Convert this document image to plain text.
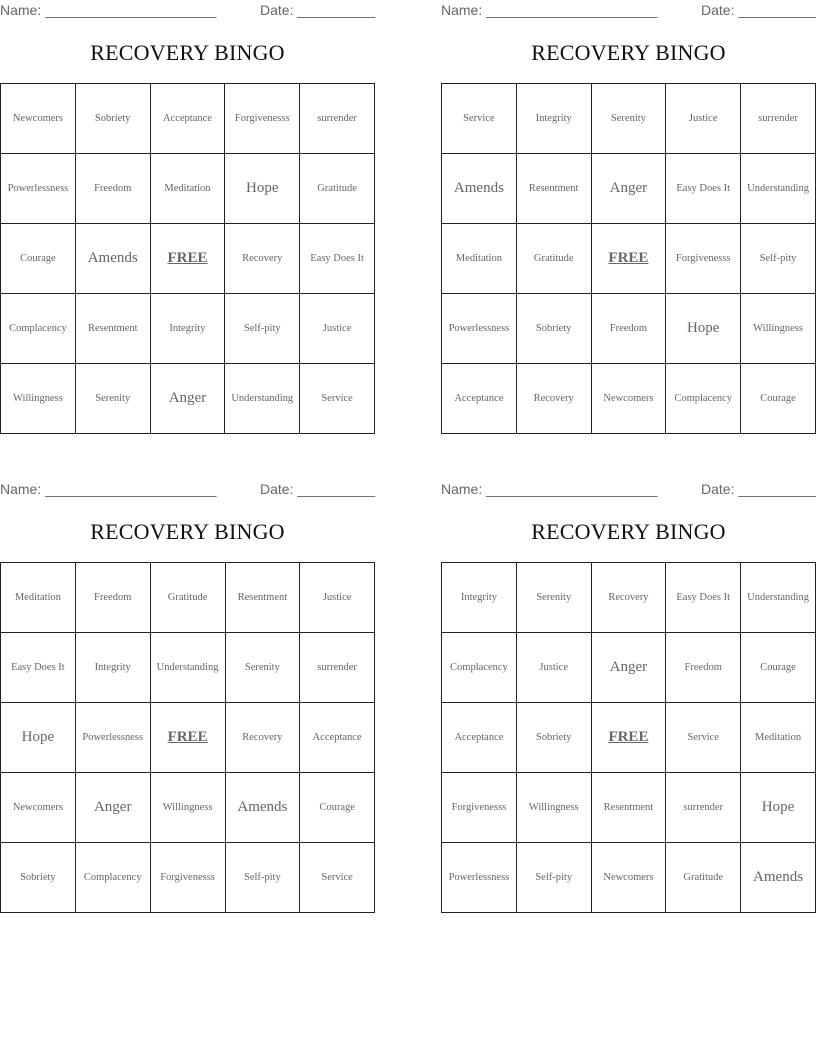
Name: ______________________	Date: __________
RECOVERY BINGO
Newcomers	Sobriety	Acceptance	Forgivenesss	surrender
Powerlessness	Freedom	Meditation	Hope	Gratitude
Courage	Amends	FREE	Recovery	Easy Does It
Complacency	Resentment	Integrity	Self-pity	Justice
Willingness	Serenity	Anger	Understanding	Service
Name: ______________________	Date: __________
RECOVERY BINGO
Service	Integrity	Serenity	Justice	surrender
Amends	Resentment	Anger	Easy Does It	Understanding
Meditation	Gratitude	FREE	Forgivenesss	Self-pity
Powerlessness	Sobriety	Freedom	Hope	Willingness
Acceptance	Recovery	Newcomers	Complacency	Courage
Name: ______________________	Date: __________
RECOVERY BINGO
Meditation	Freedom	Gratitude	Resentment	Justice
Easy Does It	Integrity	Understanding	Serenity	surrender
Hope	Powerlessness	FREE	Recovery	Acceptance
Newcomers	Anger	Willingness	Amends	Courage
Sobriety	Complacency	Forgivenesss	Self-pity	Service
Name: ______________________	Date: __________
RECOVERY BINGO
Integrity	Serenity	Recovery	Easy Does It	Understanding
Complacency	Justice	Anger	Freedom	Courage
Acceptance	Sobriety	FREE	Service	Meditation
Forgivenesss	Willingness	Resentment	surrender	Hope
Powerlessness	Self-pity	Newcomers	Gratitude	Amends
